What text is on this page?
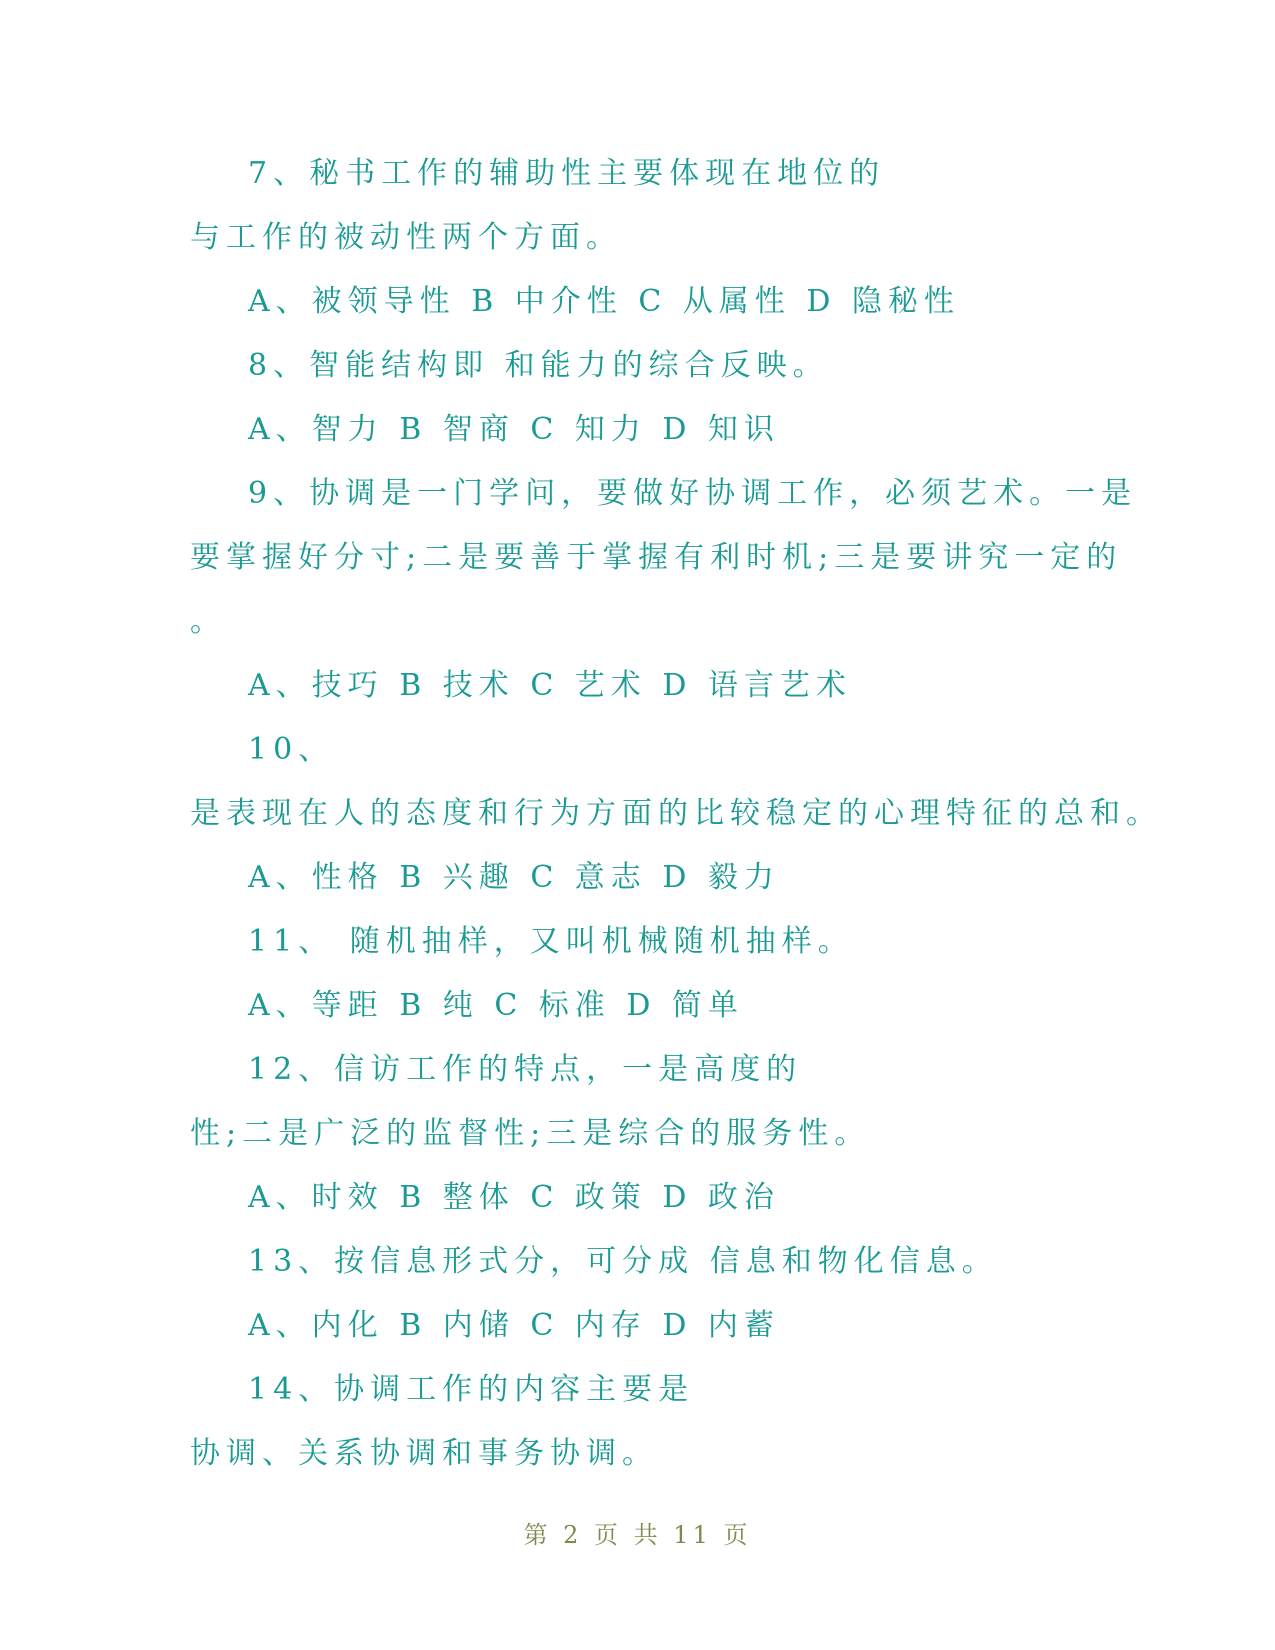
7、秘书工作的辅助性主要体现在地位的
与工作的被动性两个方面。
A、被领导性 B 中介性 C 从属性 D 隐秘性
8、智能结构即 和能力的综合反映。
A、智力 B 智商 C 知力 D 知识
9、协调是一门学问，要做好协调工作，必须艺术。一是
要掌握好分寸;二是要善于掌握有利时机;三是要讲究一定的
。
A、技巧 B 技术 C 艺术 D 语言艺术
10、
是表现在人的态度和行为方面的比较稳定的心理特征的总和。
A、性格 B 兴趣 C 意志 D 毅力
11、 随机抽样，又叫机械随机抽样。
A、等距 B 纯 C 标准 D 简单
12、信访工作的特点，一是高度的
性;二是广泛的监督性;三是综合的服务性。
A、时效 B 整体 C 政策 D 政治
13、按信息形式分，可分成 信息和物化信息。
A、内化 B 内储 C 内存 D 内蓄
14、协调工作的内容主要是
协调、关系协调和事务协调。
第 2 页 共 11 页
